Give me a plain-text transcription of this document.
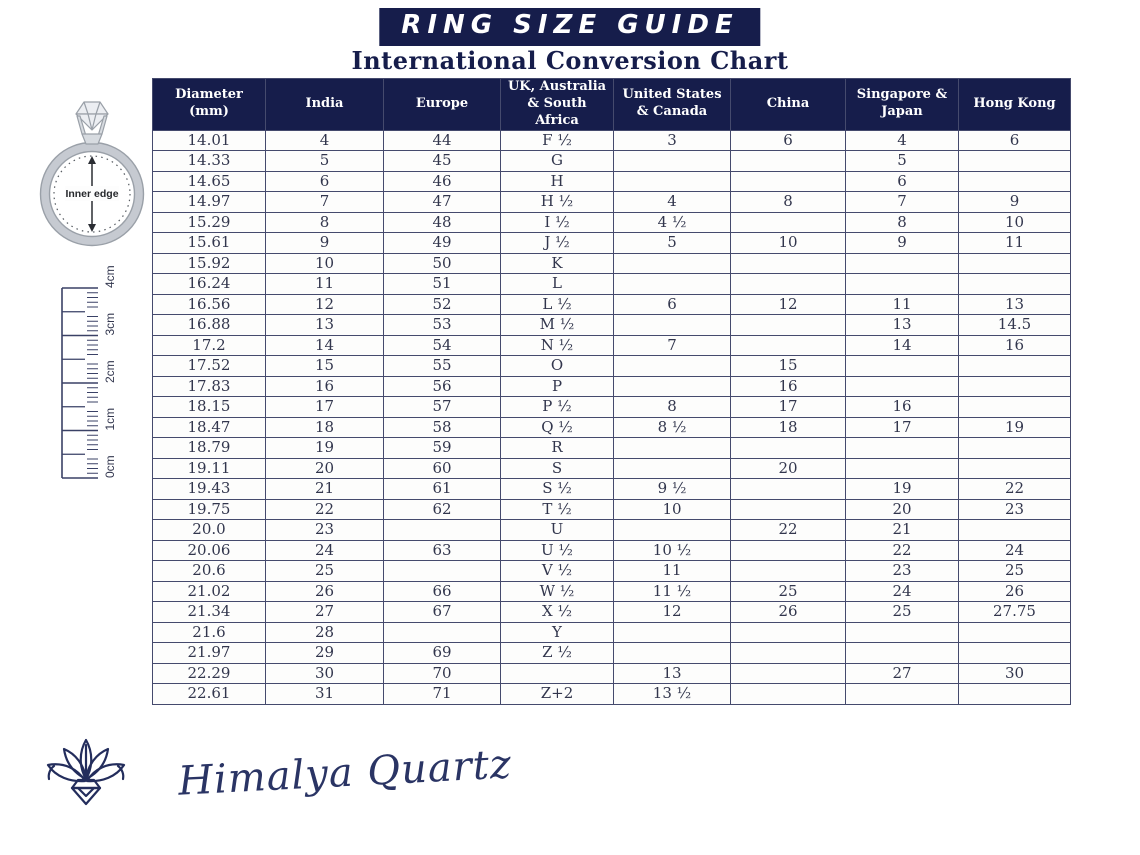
RING SIZE GUIDE
International Conversion Chart
Inner edge
0cm
1cm
2cm
3cm
4cm
Diameter (mm)	India	Europe	UK, Australia & South Africa	United States & Canada	China	Singapore & Japan	Hong Kong
14.01	4	44	F ½	3	6	4	6
14.33	5	45	G			5	
14.65	6	46	H			6	
14.97	7	47	H ½	4	8	7	9
15.29	8	48	I ½	4 ½		8	10
15.61	9	49	J ½	5	10	9	11
15.92	10	50	K				
16.24	11	51	L				
16.56	12	52	L ½	6	12	11	13
16.88	13	53	M ½			13	14.5
17.2	14	54	N ½	7		14	16
17.52	15	55	O		15		
17.83	16	56	P		16		
18.15	17	57	P ½	8	17	16	
18.47	18	58	Q ½	8 ½	18	17	19
18.79	19	59	R				
19.11	20	60	S		20		
19.43	21	61	S ½	9 ½		19	22
19.75	22	62	T ½	10		20	23
20.0	23		U		22	21	
20.06	24	63	U ½	10 ½		22	24
20.6	25		V ½	11		23	25
21.02	26	66	W ½	11 ½	25	24	26
21.34	27	67	X ½	12	26	25	27.75
21.6	28		Y				
21.97	29	69	Z ½				
22.29	30	70		13		27	30
22.61	31	71	Z+2	13 ½			
Himalya Quartz
